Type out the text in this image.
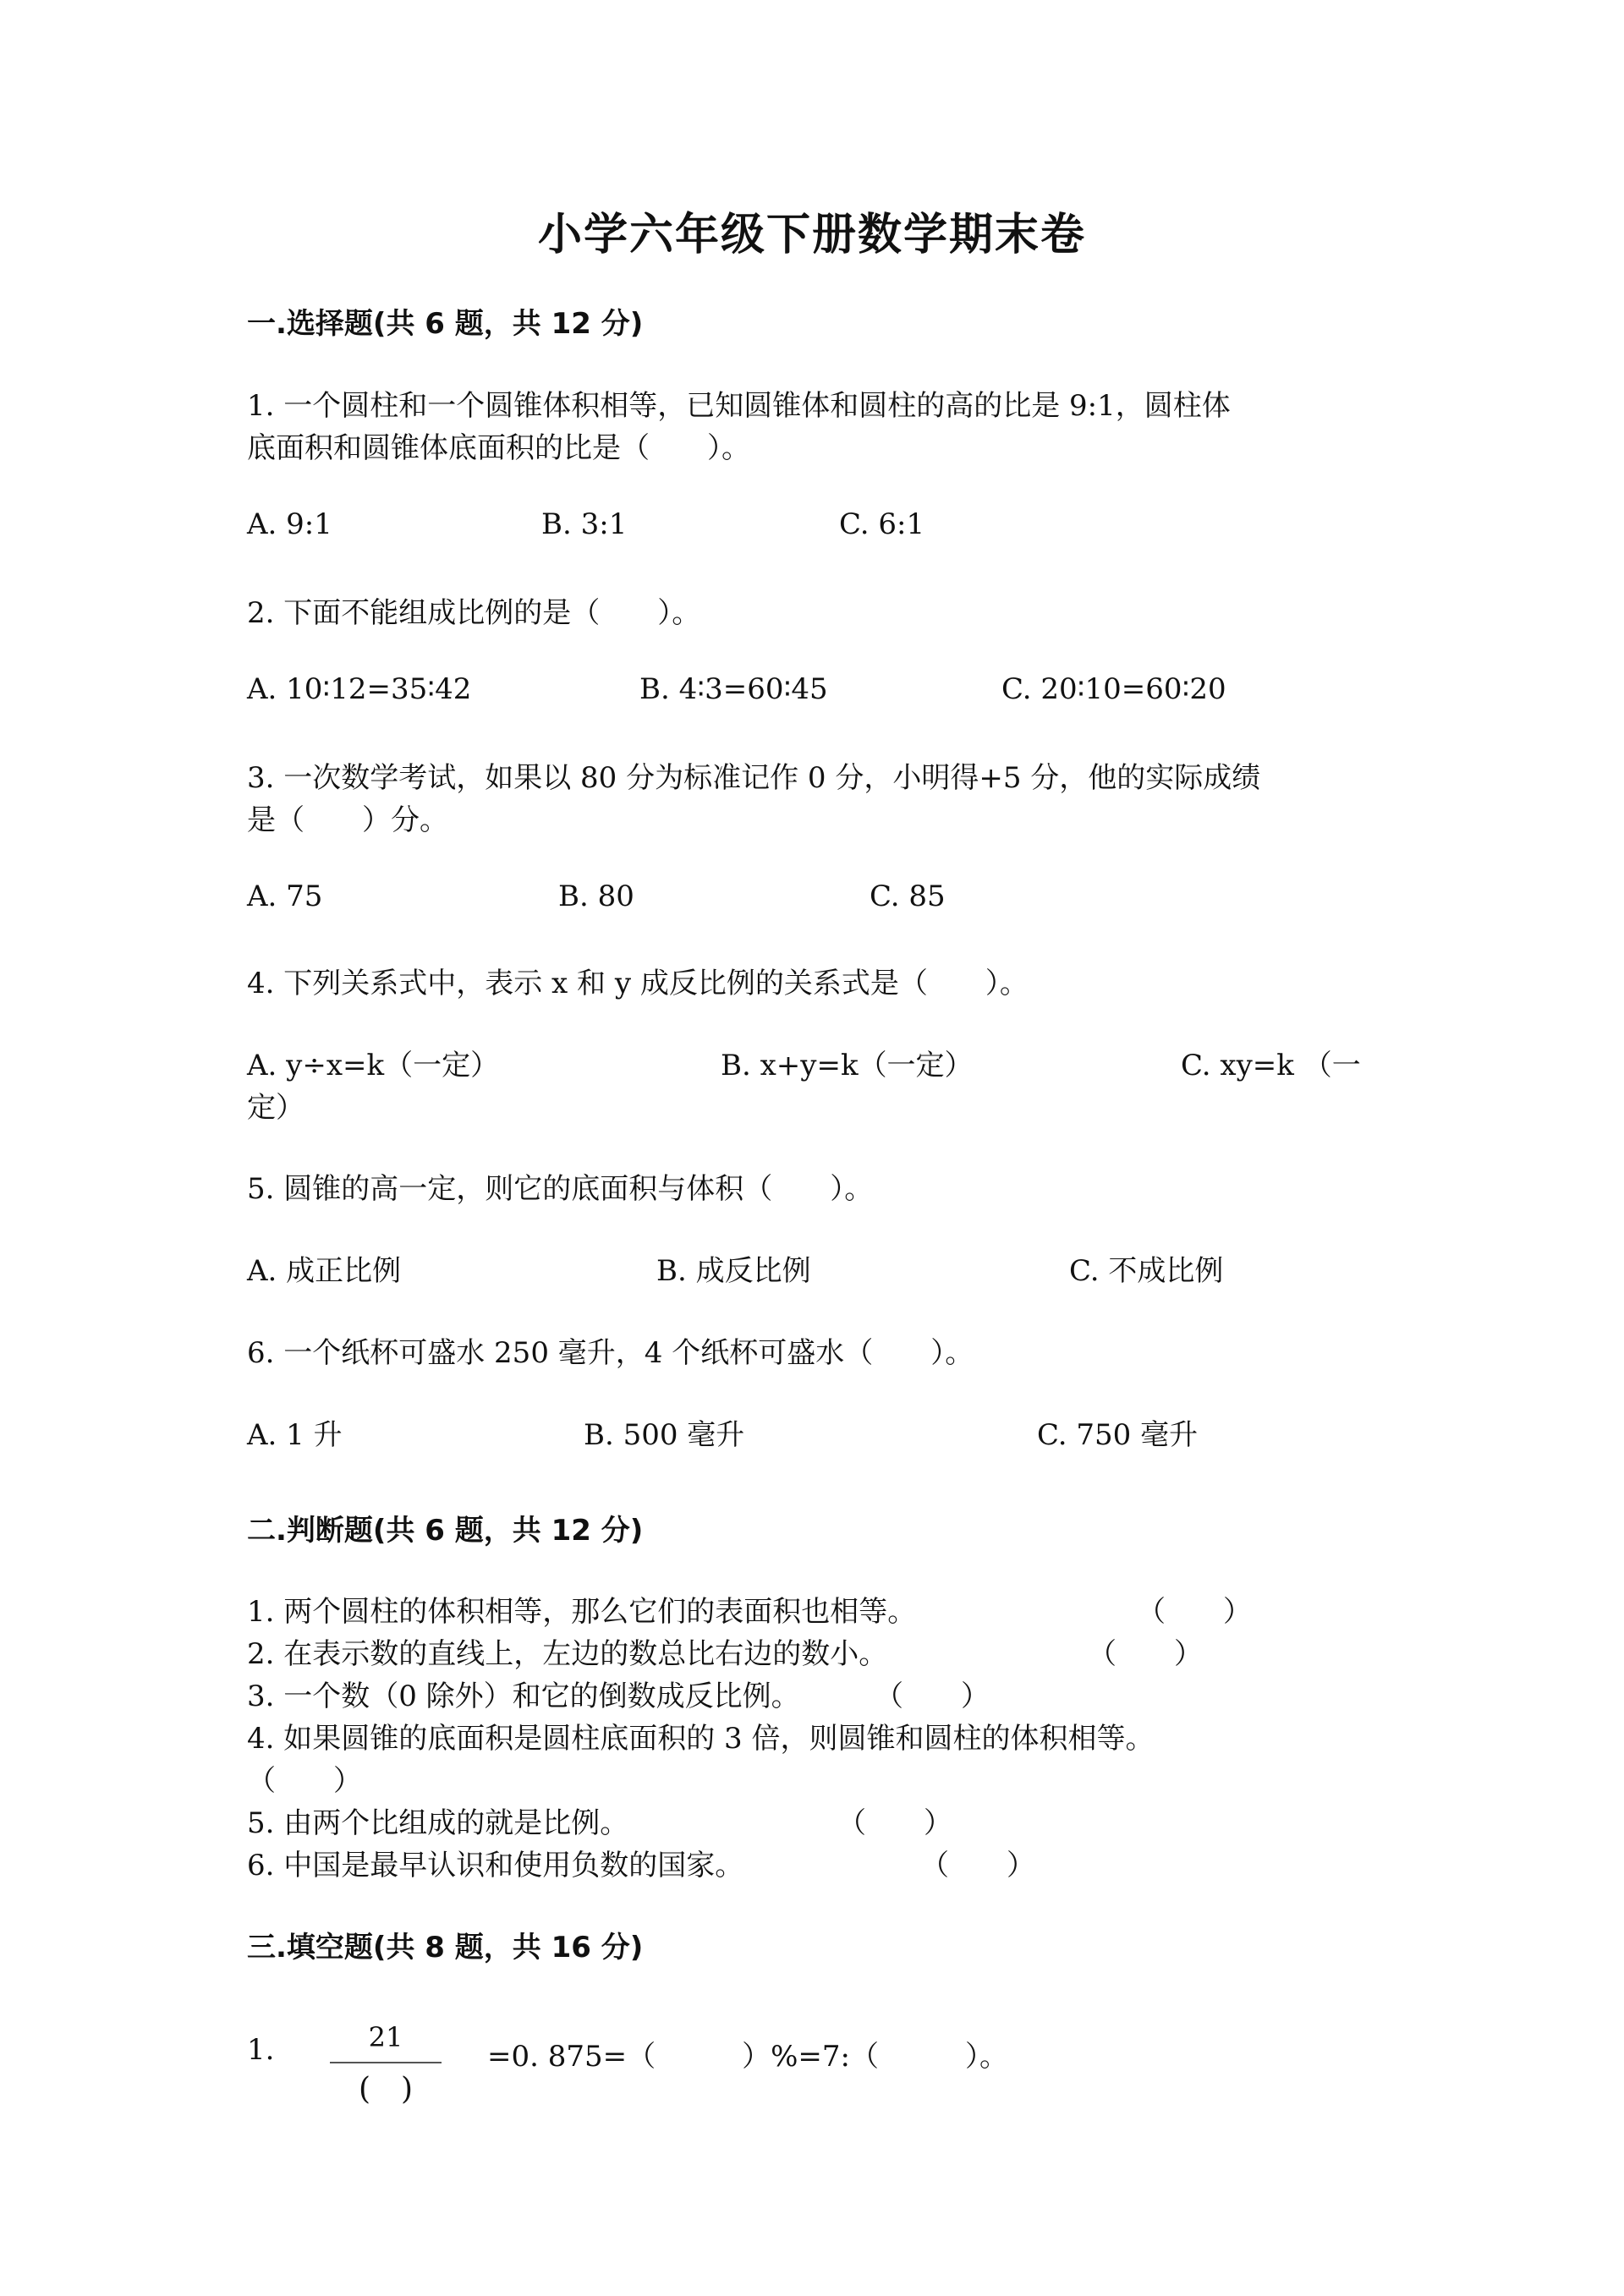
小学六年级下册数学期末卷
一.选择题(共 6 题，共 12 分)
1. 一个圆柱和一个圆锥体积相等，已知圆锥体和圆柱的高的比是 9:1，圆柱体
底面积和圆锥体底面积的比是（　　）。
A. 9:1	B. 3:1	C. 6:1
2. 下面不能组成比例的是（　　）。
A. 10∶12=35∶42	B. 4∶3=60∶45	C. 20∶10=60∶20
3. 一次数学考试，如果以 80 分为标准记作 0 分，小明得+5 分，他的实际成绩
是（　　）分。
A. 75	B. 80	C. 85
4. 下列关系式中，表示 x 和 y 成反比例的关系式是（　　）。
A. y÷x=k（一定）	B. x+y=k（一定）	C. xy=k （一
定）
5. 圆锥的高一定，则它的底面积与体积（　　）。
A. 成正比例	B. 成反比例	C. 不成比例
6. 一个纸杯可盛水 250 毫升，4 个纸杯可盛水（　　）。
A. 1 升	B. 500 毫升	C. 750 毫升
二.判断题(共 6 题，共 12 分)
1. 两个圆柱的体积相等，那么它们的表面积也相等。	（　　）
2. 在表示数的直线上，左边的数总比右边的数小。	（　　）
3. 一个数（0 除外）和它的倒数成反比例。	（　　）
4. 如果圆锥的底面积是圆柱底面积的 3 倍，则圆锥和圆柱的体积相等。
（　　）
5. 由两个比组成的就是比例。	（　　）
6. 中国是最早认识和使用负数的国家。	（　　）
三.填空题(共 8 题，共 16 分)
1.	21
(　)
=0. 875=（　　　）%=7:（　　　）。
